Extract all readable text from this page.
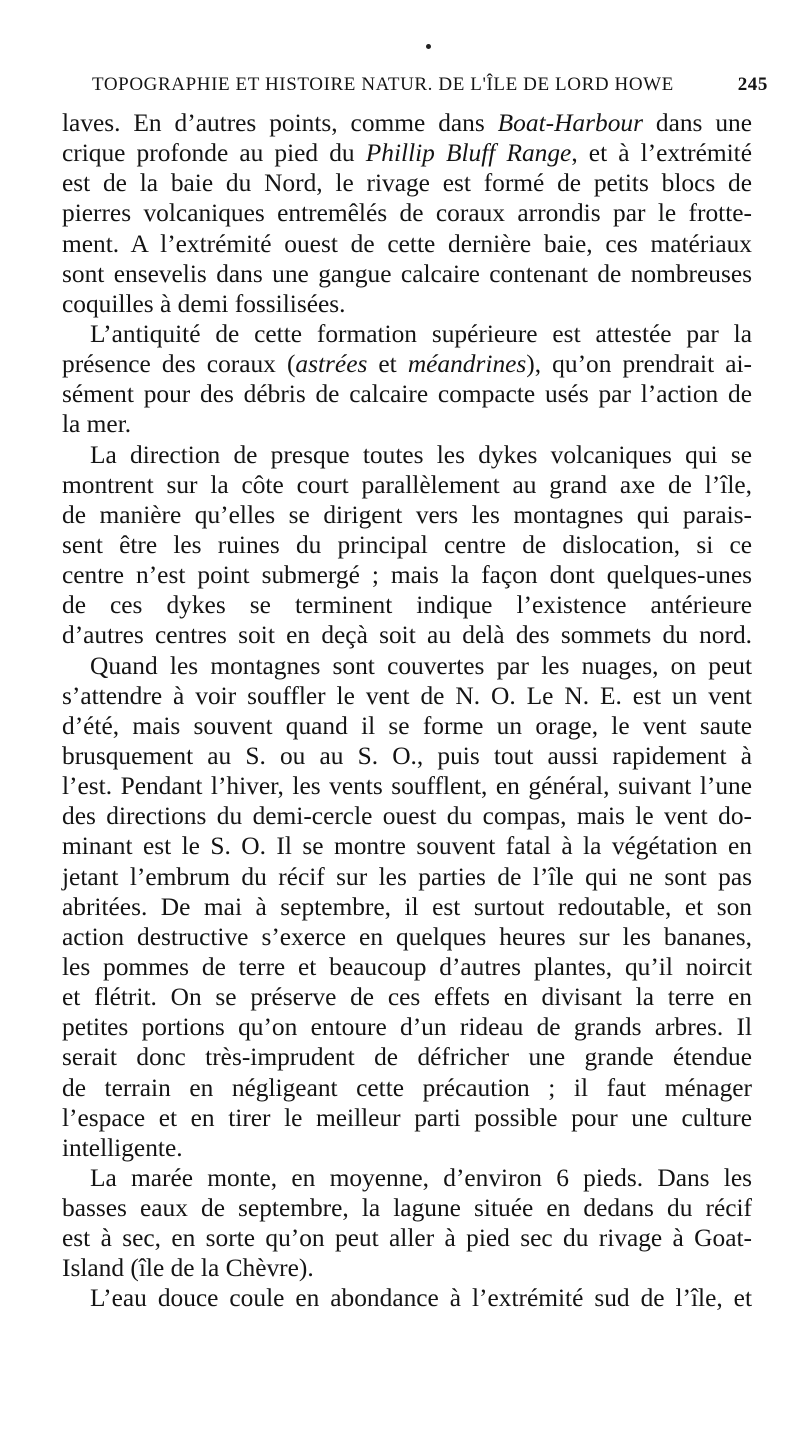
TOPOGRAPHIE ET HISTOIRE NATUR. DE L'ÎLE DE LORD HOWE	245
laves. En d’autres points, comme dans Boat-Harbour dans une
crique profonde au pied du Phillip Bluff Range, et à l’extrémité
est de la baie du Nord, le rivage est formé de petits blocs de
pierres volcaniques entremêlés de coraux arrondis par le frotte-
ment. A l’extrémité ouest de cette dernière baie, ces matériaux
sont ensevelis dans une gangue calcaire contenant de nombreuses
coquilles à demi fossilisées.
L’antiquité de cette formation supérieure est attestée par la
présence des coraux (astrées et méandrines), qu’on prendrait ai-
sément pour des débris de calcaire compacte usés par l’action de
la mer.
La direction de presque toutes les dykes volcaniques qui se
montrent sur la côte court parallèlement au grand axe de l’île,
de manière qu’elles se dirigent vers les montagnes qui parais-
sent être les ruines du principal centre de dislocation, si ce
centre n’est point submergé ; mais la façon dont quelques-unes
de ces dykes se terminent indique l’existence antérieure
d’autres centres soit en deçà soit au delà des sommets du nord.
Quand les montagnes sont couvertes par les nuages, on peut
s’attendre à voir souffler le vent de N. O. Le N. E. est un vent
d’été, mais souvent quand il se forme un orage, le vent saute
brusquement au S. ou au S. O., puis tout aussi rapidement à
l’est. Pendant l’hiver, les vents soufflent, en général, suivant l’une
des directions du demi-cercle ouest du compas, mais le vent do-
minant est le S. O. Il se montre souvent fatal à la végétation en
jetant l’embrum du récif sur les parties de l’île qui ne sont pas
abritées. De mai à septembre, il est surtout redoutable, et son
action destructive s’exerce en quelques heures sur les bananes,
les pommes de terre et beaucoup d’autres plantes, qu’il noircit
et flétrit. On se préserve de ces effets en divisant la terre en
petites portions qu’on entoure d’un rideau de grands arbres. Il
serait donc très-imprudent de défricher une grande étendue
de terrain en négligeant cette précaution ; il faut ménager
l’espace et en tirer le meilleur parti possible pour une culture
intelligente.
La marée monte, en moyenne, d’environ 6 pieds. Dans les
basses eaux de septembre, la lagune située en dedans du récif
est à sec, en sorte qu’on peut aller à pied sec du rivage à Goat-
Island (île de la Chèvre).
L’eau douce coule en abondance à l’extrémité sud de l’île, et
